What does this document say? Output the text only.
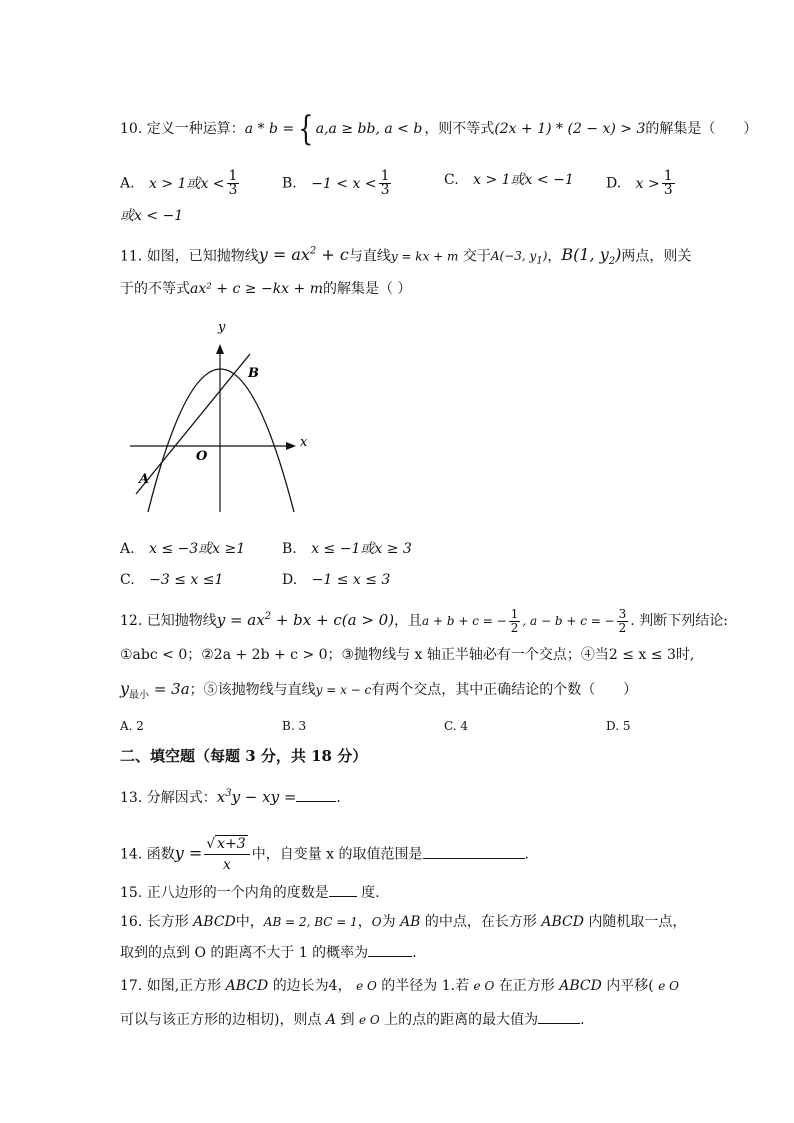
10. 定义一种运算：a * b = { a,a ≥ bb, a < b ，则不等式(2x + 1) * (2 − x) > 3的解集是（　　）
A. x > 1或$x < \frac{1}{3}$	B. $-1 < x < \frac{1}{3}$	C. x > 1或x < −1 D. $x > \frac{1}{3}$
或x < −1
11. 如图，已知抛物线$y = ax^2 + c$与直线y = kx + m 交于A(−3, $y_1$)，B(1, $y_2$)两点，则关
于的不等式ax² + c ≥ −kx + m的解集是（ ）
y
x
O
A
B
A. x ≤ −3或x ≥1	B. x ≤ −1或x ≥ 3
C. −3 ≤ x ≤1	D. −1 ≤ x ≤ 3
12. 已知抛物线$y = ax^2$ + bx + c(a > 0)，且a + b + c = − $\frac{1}{2}$ , a − b + c = − $\frac{3}{2}$ . 判断下列结论:
①abc < 0；②2a + 2b + c > 0；③抛物线与 x 轴正半轴必有一个交点；④当2 ≤ x ≤ 3时,
$y_{最小} = 3a$；⑤该抛物线与直线y = x − c有两个交点，其中正确结论的个数（　　）
A. 2	B. 3	C. 4	D. 5
二、填空题（每题 3 分，共 18 分）
13. 分解因式：$x^3y$ − xy =	.
14. 函数$y = \frac{√ x+3}{x}$ 中，自变量 x 的取值范围是	.
15. 正八边形的一个内角的度数是 度.
16. 长方形 ABCD中，AB = 2, BC = 1，O为 AB 的中点，在长方形 ABCD 内随机取一点，
取到的点到 O 的距离不大于 1 的概率为	.
17. 如图,正方形 ABCD 的边长为4， e O 的半径为 1.若 e O 在正方形 ABCD 内平移( e O
可以与该正方形的边相切)，则点 A 到 e O 上的点的距离的最大值为	.
